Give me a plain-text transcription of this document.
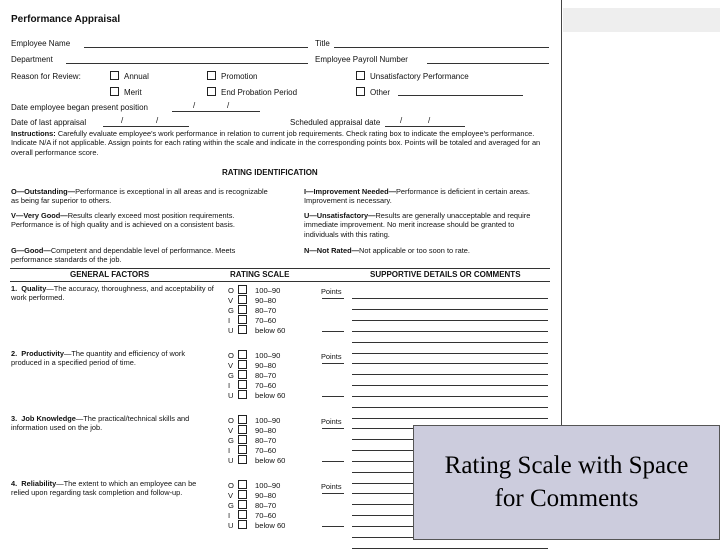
Performance Appraisal
Employee Name	Title
Department	Employee Payroll Number
Reason for Review:	Annual	Promotion	Unsatisfactory Performance
Merit	End Probation Period	Other
Date employee began present position	/	/
Date of last appraisal	/	/	Scheduled appraisal date /	/
Instructions: Carefully evaluate employee's work performance in relation to current job requirements. Check rating box to indicate the employee's performance. Indicate N/A if not applicable. Assign points for each rating within the scale and indicate in the corresponding points box. Points will be totaled and averaged for an overall performance score.
RATING IDENTIFICATION
O—Outstanding—Performance is exceptional in all areas and is recognizable as being far superior to others.
V—Very Good—Results clearly exceed most position requirements. Performance is of high quality and is achieved on a consistent basis.
G—Good—Competent and dependable level of performance. Meets performance standards of the job.
I—Improvement Needed—Performance is deficient in certain areas. Improvement is necessary.
U—Unsatisfactory—Results are generally unacceptable and require immediate improvement. No merit increase should be granted to individuals with this rating.
N—Not Rated—Not applicable or too soon to rate.
GENERAL FACTORS	RATING SCALE	SUPPORTIVE DETAILS OR COMMENTS
1. Quality—The accuracy, thoroughness, and acceptability of work performed.
O	100–90
V	90–80
G	80–70
I	70–60
U	below 60
Points
2. Productivity—The quantity and efficiency of work produced in a specified period of time.
O	100–90
V	90–80
G	80–70
I	70–60
U	below 60
Points
3. Job Knowledge—The practical/technical skills and information used on the job.
O	100–90
V	90–80
G	80–70
I	70–60
U	below 60
Points
4. Reliability—The extent to which an employee can be relied upon regarding task completion and follow-up.
O	100–90
V	90–80
G	80–70
I	70–60
U	below 60
Points
Rating Scale with Space
for Comments
